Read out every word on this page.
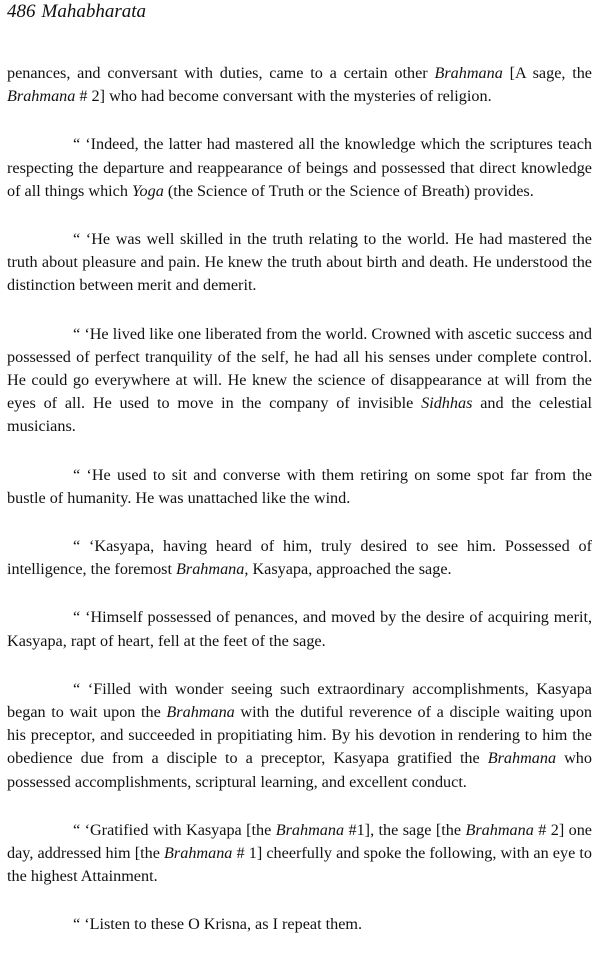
486 Mahabharata

penances, and conversant with duties, came to a certain other Brahmana [A sage, the Brahmana # 2] who had become conversant with the mysteries of religion.

“ ‘Indeed, the latter had mastered all the knowledge which the scriptures teach respecting the departure and reappearance of beings and possessed that direct knowledge of all things which Yoga (the Science of Truth or the Science of Breath) provides.

“ ‘He was well skilled in the truth relating to the world. He had mastered the truth about pleasure and pain. He knew the truth about birth and death. He understood the distinction between merit and demerit.

“ ‘He lived like one liberated from the world. Crowned with ascetic success and possessed of perfect tranquility of the self, he had all his senses under complete control. He could go everywhere at will. He knew the science of disappearance at will from the eyes of all. He used to move in the company of invisible Sidhhas and the celestial musicians.

“ ‘He used to sit and converse with them retiring on some spot far from the bustle of humanity. He was unattached like the wind.

“ ‘Kasyapa, having heard of him, truly desired to see him. Possessed of intelligence, the foremost Brahmana, Kasyapa, approached the sage.

“ ‘Himself possessed of penances, and moved by the desire of acquiring merit, Kasyapa, rapt of heart, fell at the feet of the sage.

“ ‘Filled with wonder seeing such extraordinary accomplishments, Kasyapa began to wait upon the Brahmana with the dutiful reverence of a disciple waiting upon his preceptor, and succeeded in propitiating him. By his devotion in rendering to him the obedience due from a disciple to a preceptor, Kasyapa gratified the Brahmana who possessed accomplishments, scriptural learning, and excellent conduct.

“ ‘Gratified with Kasyapa [the Brahmana #1], the sage [the Brahmana # 2] one day, addressed him [the Brahmana # 1] cheerfully and spoke the following, with an eye to the highest Attainment.

“ ‘Listen to these O Krisna, as I repeat them.
